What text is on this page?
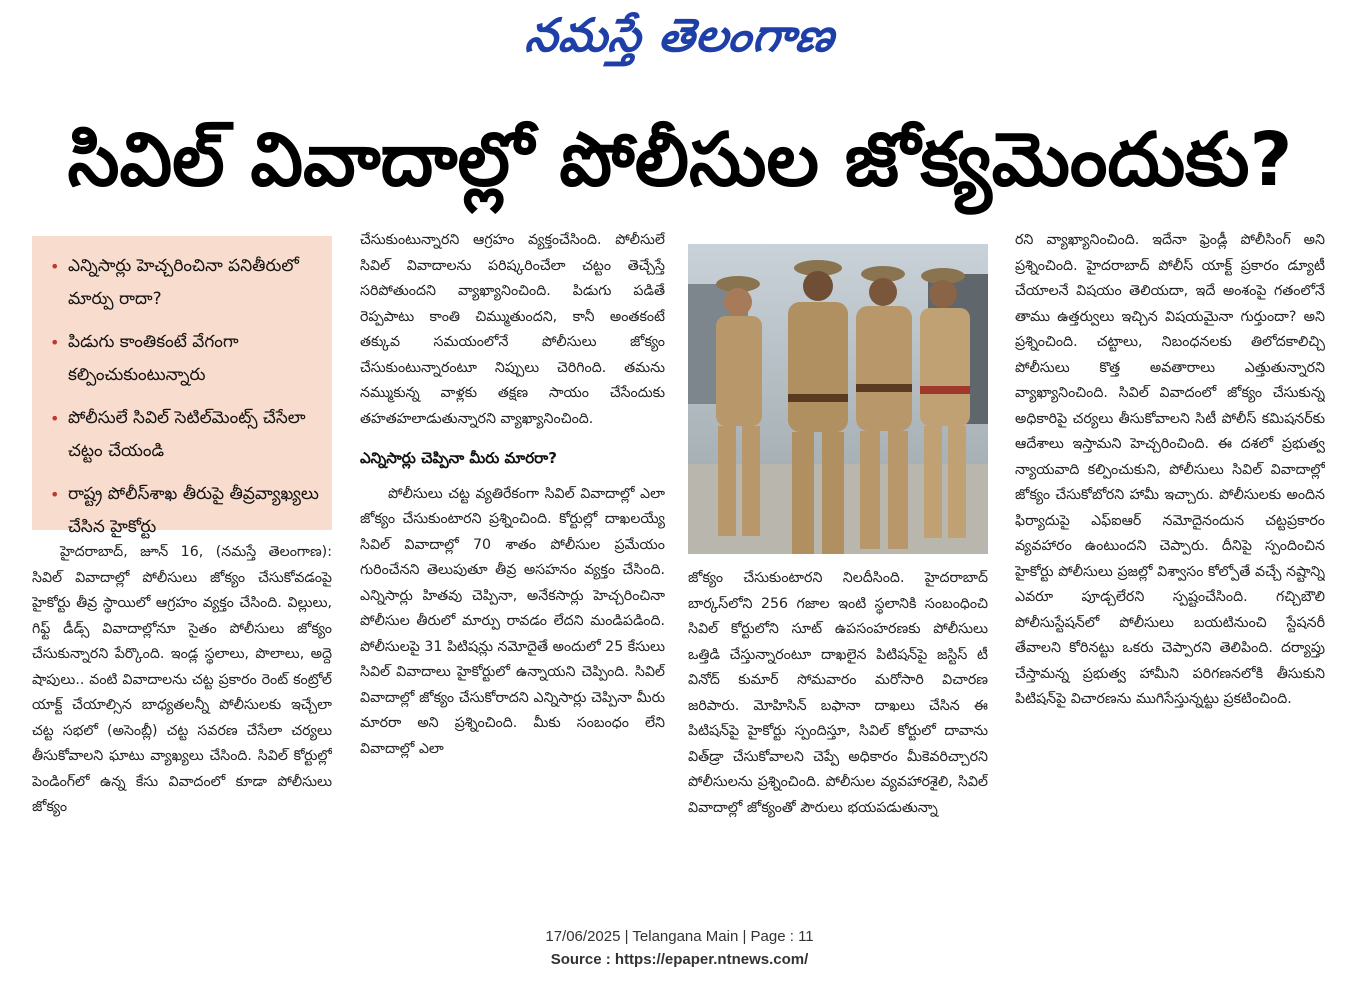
నమస్తే తెలంగాణ
సివిల్ వివాదాల్లో పోలీసుల జోక్యమెందుకు?
• ఎన్నిసార్లు హెచ్చరించినా పనితీరులో మార్పు రాదా?
• పిడుగు కాంతికంటే వేగంగా కల్పించుకుంటున్నారు
• పోలీసులే సివిల్ సెటిల్‌మెంట్స్ చేసేలా చట్టం చేయండి
• రాష్ట్ర పోలీస్‌శాఖ తీరుపై తీవ్రవ్యాఖ్యలు చేసిన హైకోర్టు

హైదరాబాద్, జూన్ 16, (నమస్తే తెలంగాణ): సివిల్ వివాదాల్లో పోలీసులు జోక్యం చేసుకోవడంపై హైకోర్టు తీవ్ర స్థాయిలో ఆగ్రహం వ్యక్తం చేసింది. విల్లులు, గిఫ్ట్ డీడ్స్ వివాదాల్లోనూ సైతం పోలీసులు జోక్యం చేసుకున్నారని పేర్కొంది. ఇండ్ల స్థలాలు, పొలాలు, అద్దె షాపులు.. వంటి వివాదాలను చట్ట ప్రకారం రెంట్ కంట్రోల్ యాక్ట్ చేయాల్సిన బాధ్యతలన్నీ పోలీసులకు ఇచ్చేలా చట్ట సభలో (అసెంబ్లీ) చట్ట సవరణ చేసేలా చర్యలు తీసుకోవాలని ఘాటు వ్యాఖ్యలు చేసింది. సివిల్ కోర్టుల్లో పెండింగ్‌లో ఉన్న కేసు వివాదంలో కూడా పోలీసులు జోక్యం

చేసుకుంటున్నారని ఆగ్రహం వ్యక్తంచేసింది. పోలీసులే సివిల్ వివాదాలను పరిష్కరించేలా చట్టం తెచ్చేస్తే సరిపోతుందని వ్యాఖ్యానించింది. పిడుగు పడితే రెప్పపాటు కాంతి చిమ్ముతుందని, కానీ అంతకంటే తక్కువ సమయంలోనే పోలీసులు జోక్యం చేసుకుంటున్నారంటూ నిప్పులు చెరిగింది. తమను నమ్ముకున్న వాళ్లకు తక్షణ సాయం చేసేందుకు తహతహలాడుతున్నారని వ్యాఖ్యానించింది.

ఎన్నిసార్లు చెప్పినా మీరు మారరా?

పోలీసులు చట్ట వ్యతిరేకంగా సివిల్ వివాదాల్లో ఎలా జోక్యం చేసుకుంటారని ప్రశ్నించింది. కోర్టుల్లో దాఖలయ్యే సివిల్ వివాదాల్లో 70 శాతం పోలీసుల ప్రమేయం గురించేనని తెలుపుతూ తీవ్ర అసహనం వ్యక్తం చేసింది. ఎన్నిసార్లు హితవు చెప్పినా, అనేకసార్లు హెచ్చరించినా పోలీసుల తీరులో మార్పు రావడం లేదని మండిపడింది. పోలీసులపై 31 పిటిషన్లు నమోదైతే అందులో 25 కేసులు సివిల్ వివాదాలు హైకోర్టులో ఉన్నాయని చెప్పింది. సివిల్ వివాదాల్లో జోక్యం చేసుకోరాదని ఎన్నిసార్లు చెప్పినా మీరు మారరా అని ప్రశ్నించింది. మీకు సంబంధం లేని వివాదాల్లో ఎలా

జోక్యం చేసుకుంటారని నిలదీసింది. హైదరాబాద్ బార్కస్‌లోని 256 గజాల ఇంటి స్థలానికి సంబంధించి సివిల్ కోర్టులోని సూట్ ఉపసంహరణకు పోలీసులు ఒత్తిడి చేస్తున్నారంటూ దాఖలైన పిటిషన్‌పై జస్టిస్ టీ వినోద్ కుమార్ సోమవారం మరోసారి విచారణ జరిపారు. మోహిసిన్ బఫానా దాఖలు చేసిన ఈ పిటిషన్‌పై హైకోర్టు స్పందిస్తూ, సివిల్ కోర్టులో దావాను విత్‌డ్రా చేసుకోవాలని చెప్పే అధికారం మీకెవరిచ్చారని పోలీసులను ప్రశ్నించింది. పోలీసుల వ్యవహారశైలి, సివిల్ వివాదాల్లో జోక్యంతో పౌరులు భయపడుతున్నా

రని వ్యాఖ్యానించింది. ఇదేనా ఫ్రెండ్లీ పోలీసింగ్ అని ప్రశ్నించింది. హైదరాబాద్ పోలీస్ యాక్ట్ ప్రకారం డ్యూటీ చేయాలనే విషయం తెలియదా, ఇదే అంశంపై గతంలోనే తాము ఉత్తర్వులు ఇచ్చిన విషయమైనా గుర్తుందా? అని ప్రశ్నించింది. చట్టాలు, నిబంధనలకు తిలోదకాలిచ్చి పోలీసులు కొత్త అవతారాలు ఎత్తుతున్నారని వ్యాఖ్యానించింది. సివిల్ వివాదంలో జోక్యం చేసుకున్న అధికారిపై చర్యలు తీసుకోవాలని సిటీ పోలీస్ కమిషనర్‌కు ఆదేశాలు ఇస్తామని హెచ్చరించింది. ఈ దశలో ప్రభుత్వ న్యాయవాది కల్పించుకుని, పోలీసులు సివిల్ వివాదాల్లో జోక్యం చేసుకోబోరని హామీ ఇచ్చారు. పోలీసులకు అందిన ఫిర్యాదుపై ఎఫ్ఐఆర్ నమోదైనందున చట్టప్రకారం వ్యవహారం ఉంటుందని చెప్పారు. దీనిపై స్పందించిన హైకోర్టు పోలీసులు ప్రజల్లో విశ్వాసం కోల్పోతే వచ్చే నష్టాన్ని ఎవరూ పూడ్చలేరని స్పష్టంచేసింది. గచ్చిబౌలి పోలీసుస్టేషన్‌లో పోలీసులు బయటినుంచి స్టేషనరీ తేవాలని కోరినట్టు ఒకరు చెప్పారని తెలిపింది. దర్యాప్తు చేస్తామన్న ప్రభుత్వ హామీని పరిగణనలోకి తీసుకుని పిటిషన్‌పై విచారణను ముగిసేస్తున్నట్టు ప్రకటించింది.

17/06/2025 | Telangana Main | Page : 11
Source : https://epaper.ntnews.com/
